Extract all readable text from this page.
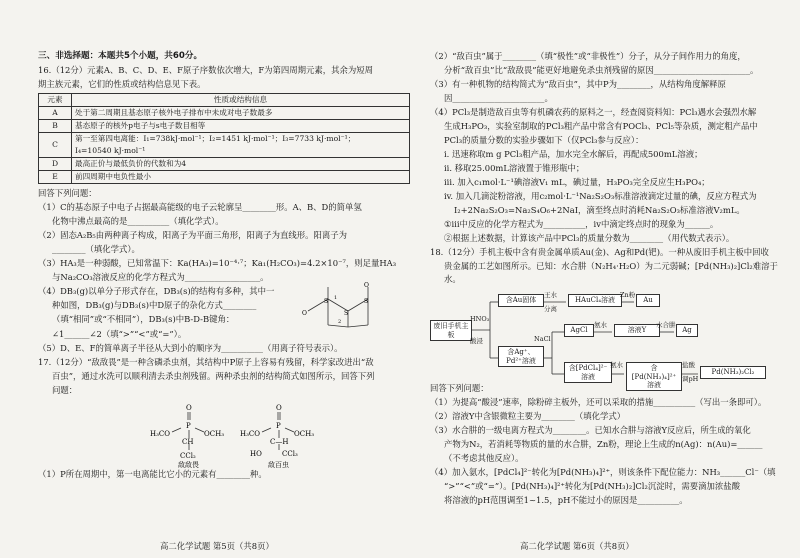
三、非选择题：本题共5个小题，共60分。

16.（12分）元素A、B、C、D、E、F原子序数依次增大，F为第四周期元素，其余为短周

期主族元素，它们的性质或结构信息见下表。

元素	性质或结构信息
A	处于第二周期且基态原子核外电子排布中未成对电子数最多
B	基态原子的核外p电子与s电子数目相等
C	第一至第四电离能：I₁=738kJ·mol⁻¹；I₂=1451 kJ·mol⁻¹；I₃=7733 kJ·mol⁻¹；
	I₄=10540 kJ·mol⁻¹
D	最高正价与最低负价的代数和为4
E	前四周期中电负性最小

回答下列问题：

（1）C的基态原子中电子占据最高能级的电子云轮廓呈________形。A、B、D的简单氢

化物中沸点最高的是__________（填化学式）。

（2）固态A₂B₅由两种离子构成，阳离子为平面三角形，阳离子为直线形。阳离子为

________（填化学式）。

（3）HA₃是一种弱酸，已知常温下：Ka(HA₃)=10⁻⁴·⁷；Ka₁(H₂CO₃)=4.2×10⁻⁷，则足量HA₃

与Na₂CO₃溶液反应的化学方程式为__________________。

（4）DB₃(g)以单分子形式存在，DB₃(s)的结构有多种，其中一

种如图，DB₃(g)与DB₃(s)中D原子的杂化方式________

（填“相同”或“不相同”），DB₃(s)中B-D-B键角：

∠1______∠2（填“>”“<”或“=”）。

S	S
S
O
O
1
2

（5）D、E、F的简单离子半径从大到小的顺序为__________（用离子符号表示）。

17.（12分）“敌敌畏”是一种含磷杀虫剂，其结构中P原子上容易有残留，科学家改进出“敌

百虫”，通过水洗可以顺利清去杀虫剂残留。两种杀虫剂的结构简式如图所示，回答下列

问题：

O
P
H₃CO	OCH₃
CH
CCl₂
敌敌畏
O
P
H₃CO	OCH₃
C—H
HO	CCl₃
敌百虫

（1）P所在周期中，第一电离能比它小的元素有________种。

高二化学试题 第5页（共8页）

（2）“敌百虫”属于________（填“极性”或“非极性”）分子，从分子间作用力的角度，

分析“敌百虫”比“敌敌畏”能更好地避免杀虫剂残留的原因_______________________。

（3）有一种机物的结构简式为“敌百虫”，其中P为________，从结构角度解释原

因______________________。

（4）PCl₃是制造敌百虫等有机磷农药的原料之一，经查阅资料知：PCl₃遇水会强烈水解

生成H₃PO₃，实验室制取的PCl₃粗产品中常含有POCl₃、PCl₅等杂质，测定粗产品中

PCl₃的质量分数的实验步骤如下（仅PCl₃参与反应）：

i. 迅速称取m g PCl₃粗产品，加水完全水解后，再配成500mL溶液；

ii. 移取25.00mL溶液置于锥形瓶中；

iii. 加入c₁mol·L⁻¹碘溶液V₁ mL，碘过量，H₃PO₃完全反应生H₃PO₄；

iv. 加入几滴淀粉溶液，用c₂mol·L⁻¹Na₂S₂O₃标准溶液滴定过量的碘，反应方程式为

I₂+2Na₂S₂O₃=Na₂S₄O₆+2NaI，滴至终点时消耗Na₂S₂O₃标准溶液V₂mL。

①iii中反应的化学方程式为__________，iv中滴定终点时的现象为______。

②根据上述数据，计算该产品中PCl₃的质量分数为________（用代数式表示）。

18.（12分）手机主板中含有贵金属单质Au(金)、Ag和Pd(钯)。一种从废旧手机主板中回收

贵金属的工艺如图所示。已知：水合肼（N₂H₄·H₂O）为二元弱碱；[Pd(NH₃)₂]Cl₂难溶于水。

废旧手机主板
HNO₃
酸浸
含Au固体
王水
分离
HAuCl₄溶液
Zn粉
Au
含Ag⁺、Pd²⁺溶液
NaCl
AgCl
氨水
溶液Y
水合肼
Ag
含[PdCl₄]²⁻溶液
氨水	含[Pd(NH₃)₄]²⁺溶液
盐酸
调pH
Pd(NH₃)₂Cl₂

回答下列问题：

（1）为提高“酸浸”速率，除粉碎主板外，还可以采取的措施__________（写出一条即可）。

（2）溶液Y中含银微粒主要为________（填化学式）

（3）水合肼的一级电离方程式为________。已知水合肼与溶液Y反应后，所生成的氧化

产物为N₂，若消耗等物质的量的水合肼，Zn粉，理论上生成的n(Ag)：n(Au)=______

（不考虑其他反应）。

（4）加入氨水，[PdCl₄]²⁻转化为[Pd(NH₃)₄]²⁺，则该条件下配位能力：NH₃______Cl⁻（填

“>”“<”或“=”）。[Pd(NH₃)₄]²⁺转化为[Pd(NH₃)₂]Cl₂沉淀时，需要滴加浓盐酸

将溶液的pH范围调至1~1.5，pH不能过小的原因是__________。

高二化学试题 第6页（共8页）
